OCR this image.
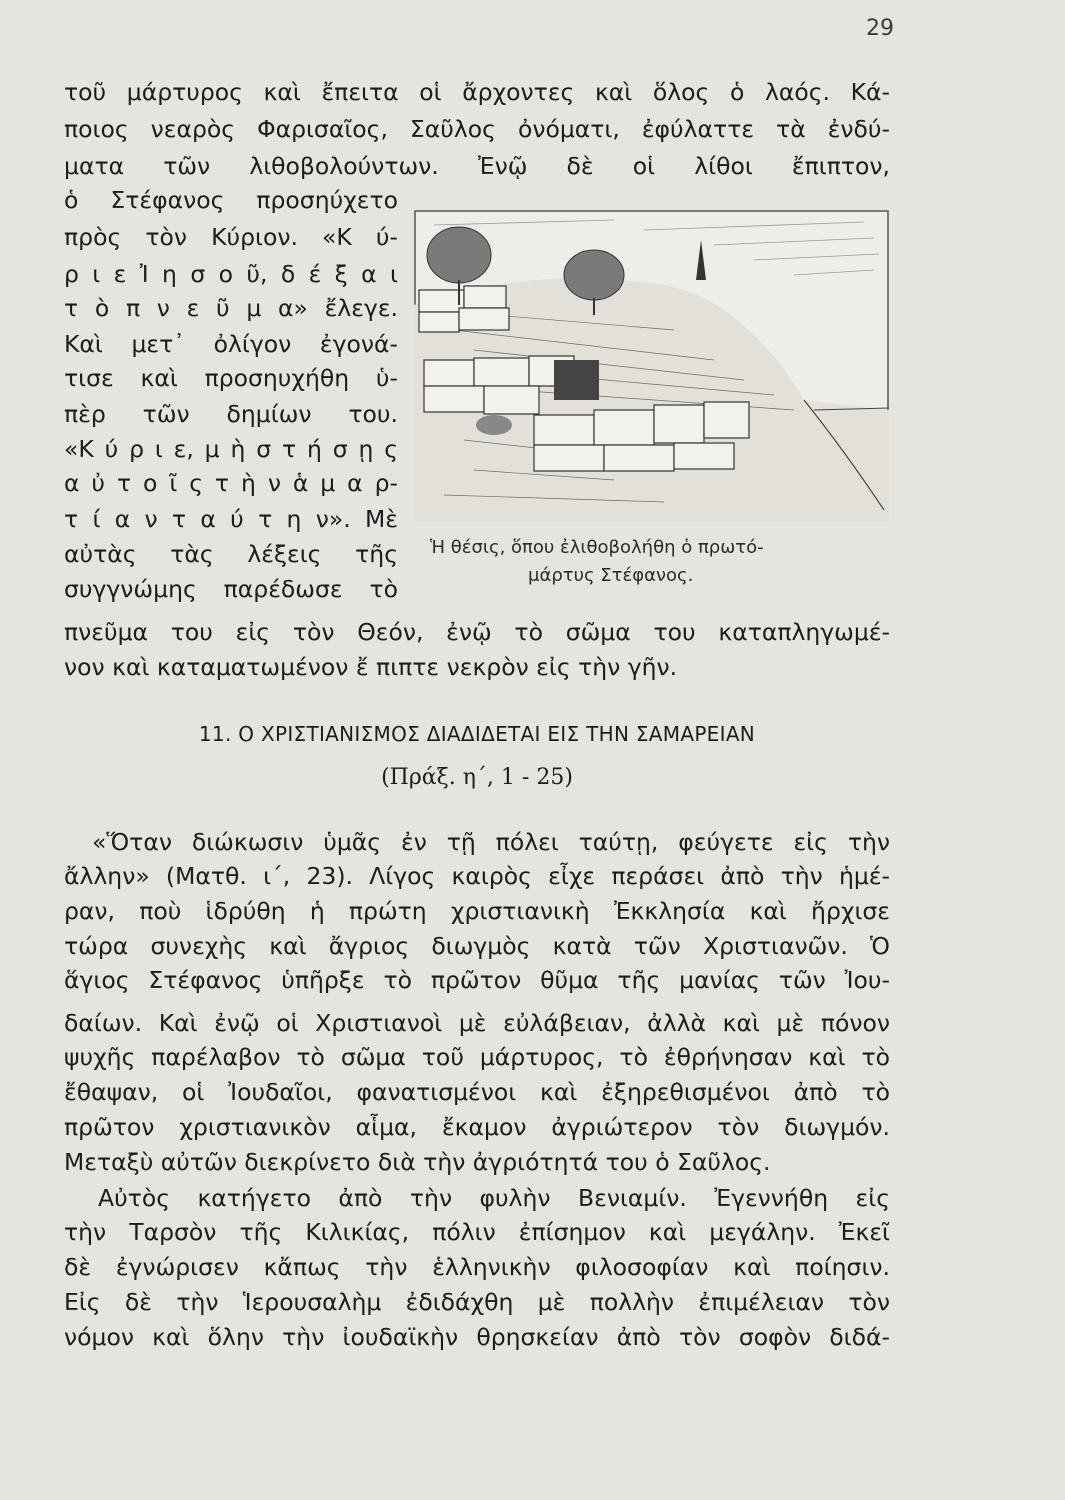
29
τοῦ μάρτυρος καὶ ἔπειτα οἱ ἄρχοντες καὶ ὅλος ὁ λαός. Κά-
ποιος νεαρὸς Φαρισαῖος, Σαῦλος ὀνόματι, ἐφύλαττε τὰ ἐνδύ-
ματα τῶν λιθοβολούντων. Ἐνῷ δὲ οἱ λίθοι ἔπιπτον,
ὁ Στέφανος προσηύχετο
πρὸς τὸν Κύριον. «Κ ύ-
ρ ι ε Ἰ η σ ο ῦ, δ έ ξ α ι
τ ὸ π ν ε ῦ μ α» ἔλεγε.
Καὶ μετ᾽ ὀλίγον ἐγονά-
τισε καὶ προσηυχήθη ὑ-
πὲρ τῶν δημίων του.
«Κ ύ ρ ι ε, μ ὴ σ τ ή σ ῃ ς
α ὐ τ ο ῖ ς τ ὴ ν ἁ μ α ρ-
τ ί α ν τ α ύ τ η ν». Μὲ
αὐτὰς τὰς λέξεις τῆς
συγγνώμης παρέδωσε τὸ
πνεῦμα του εἰς τὸν Θεόν, ἐνῷ τὸ σῶμα του καταπληγωμέ-
νον καὶ καταματωμένον ἔ πιπτε νεκρὸν εἰς τὴν γῆν.
Ἡ θέσις, ὅπου ἐλιθοβολήθη ὁ πρωτό-
μάρτυς Στέφανος.
11. Ο ΧΡΙΣΤΙΑΝΙΣΜΟΣ ΔΙΑΔΙΔΕΤΑΙ ΕΙΣ ΤΗΝ ΣΑΜΑΡΕΙΑΝ
(Πράξ. η΄, 1 - 25)
«Ὅταν διώκωσιν ὑμᾶς ἐν τῇ πόλει ταύτῃ, φεύγετε εἰς τὴν
ἄλλην» (Ματθ. ι΄, 23). Λίγος καιρὸς εἶχε περάσει ἀπὸ τὴν ἡμέ-
ραν, ποὺ ἱδρύθη ἡ πρώτη χριστιανικὴ Ἐκκλησία καὶ ἤρχισε
τώρα συνεχὴς καὶ ἄγριος διωγμὸς κατὰ τῶν Χριστιανῶν. Ὁ
ἅγιος Στέφανος ὑπῆρξε τὸ πρῶτον θῦμα τῆς μανίας τῶν Ἰου-
δαίων. Καὶ ἐνῷ οἱ Χριστιανοὶ μὲ εὐλάβειαν, ἀλλὰ καὶ μὲ πόνον
ψυχῆς παρέλαβον τὸ σῶμα τοῦ μάρτυρος, τὸ ἐθρήνησαν καὶ τὸ
ἔθαψαν, οἱ Ἰουδαῖοι, φανατισμένοι καὶ ἐξηρεθισμένοι ἀπὸ τὸ
πρῶτον χριστιανικὸν αἷμα, ἔκαμον ἀγριώτερον τὸν διωγμόν.
Μεταξὺ αὐτῶν διεκρίνετο διὰ τὴν ἀγριότητά του ὁ Σαῦλος.
Αὐτὸς κατήγετο ἀπὸ τὴν φυλὴν Βενιαμίν. Ἐγεννήθη εἰς
τὴν Ταρσὸν τῆς Κιλικίας, πόλιν ἐπίσημον καὶ μεγάλην. Ἐκεῖ
δὲ ἐγνώρισεν κἄπως τὴν ἑλληνικὴν φιλοσοφίαν καὶ ποίησιν.
Εἰς δὲ τὴν Ἱερουσαλὴμ ἐδιδάχθη μὲ πολλὴν ἐπιμέλειαν τὸν
νόμον καὶ ὅλην τὴν ἰουδαϊκὴν θρησκείαν ἀπὸ τὸν σοφὸν διδά-
